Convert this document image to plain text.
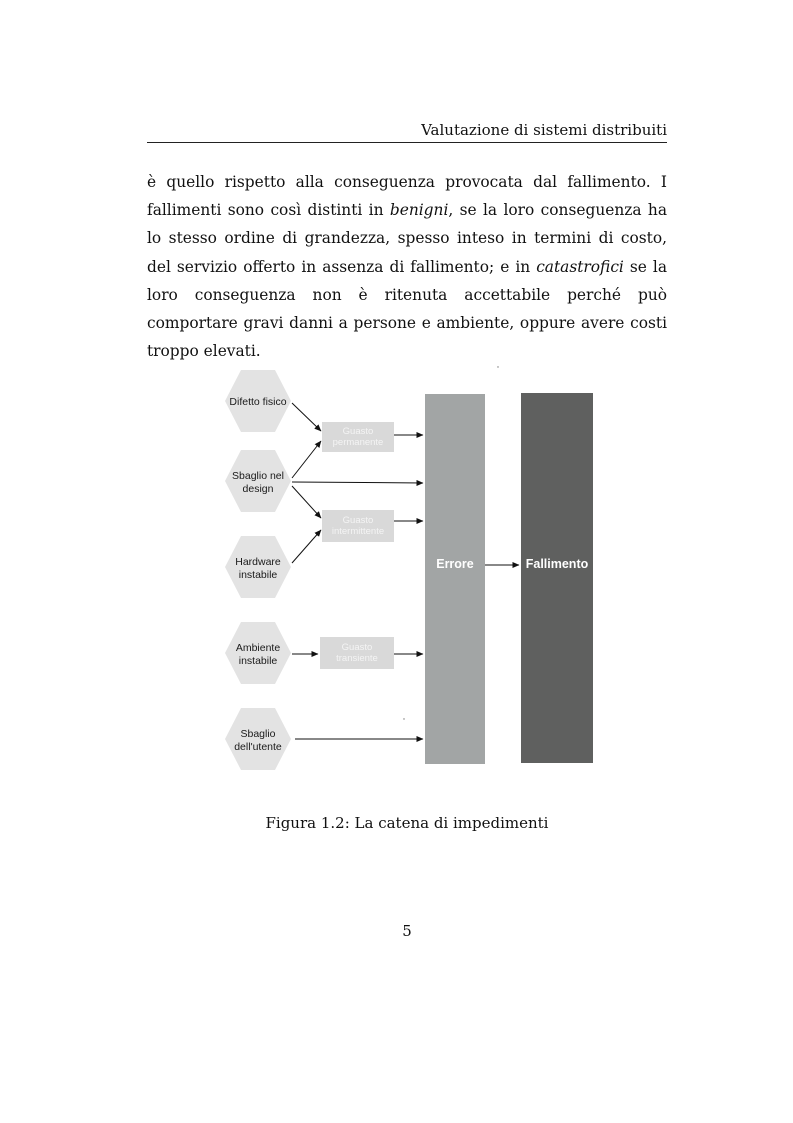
Valutazione di sistemi distribuiti

è quello rispetto alla conseguenza provocata dal fallimento. I fallimenti sono così distinti in benigni, se la loro conseguenza ha lo stesso ordine di grandezza, spesso inteso in termini di costo, del servizio offerto in assenza di fallimento; e in catastrofici se la loro conseguenza non è ritenuta accettabile perché può comportare gravi danni a persone e ambiente, oppure avere costi troppo elevati.

Difetto fisico
Sbaglio nel
design
Hardware
instabile
Ambiente
instabile
Sbaglio
dell'utente
Guasto
permanente
Guasto
intermittente
Guasto
transiente
Errore	Fallimento
Figura 1.2: La catena di impedimenti
5
